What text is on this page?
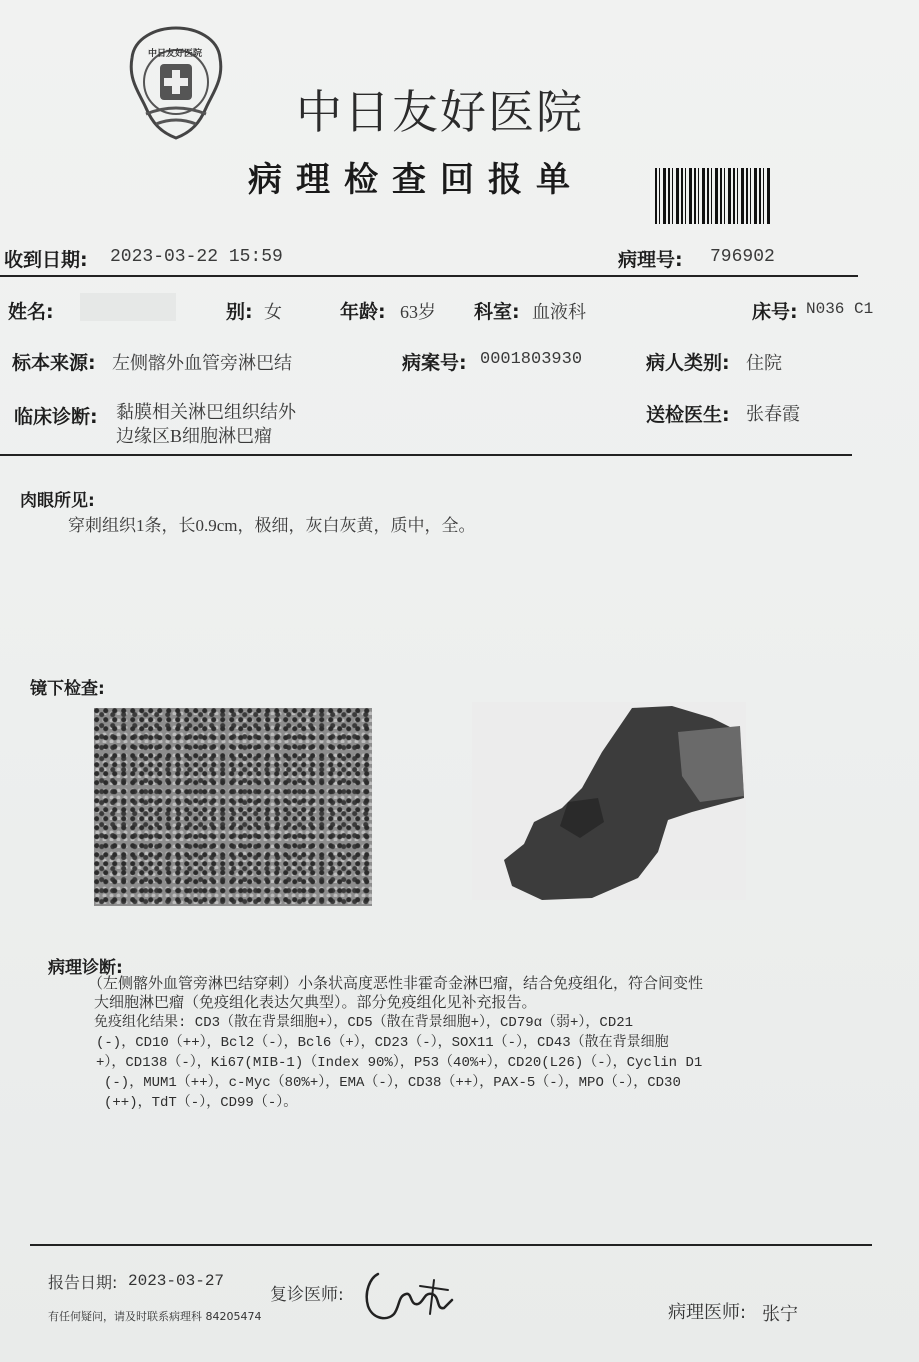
中日友好医院
中日友好医院
病理检查回报单
收到日期: 2023-03-22 15:59	病理号: 796902
姓名:	别: 女	年龄: 63岁 科室: 血液科	床号: N036 C1
标本来源: 左侧髂外血管旁淋巴结	病案号: 0001803930	病人类别: 住院
临床诊断: 黏膜相关淋巴组织结外
边缘区B细胞淋巴瘤
送检医生: 张春霞
肉眼所见:
穿刺组织1条，长0.9cm，极细，灰白灰黄，质中，全。
镜下检查:
病理诊断:
（左侧髂外血管旁淋巴结穿刺）小条状高度恶性非霍奇金淋巴瘤，结合免疫组化，符合间变性
大细胞淋巴瘤（免疫组化表达欠典型）。部分免疫组化见补充报告。
免疫组化结果: CD3（散在背景细胞+），CD5（散在背景细胞+），CD79α（弱+），CD21
(-)，CD10（++），Bcl2（-），Bcl6（+），CD23（-），SOX11（-），CD43（散在背景细胞
+），CD138（-），Ki67(MIB-1)（Index 90%），P53（40%+），CD20(L26)（-），Cyclin D1
(-)，MUM1（++），c-Myc（80%+），EMA（-），CD38（++），PAX-5（-），MPO（-），CD30
(++)，TdT（-），CD99（-）。
报告日期: 2023-03-27
复诊医师:
有任何疑问，请及时联系病理科 84205474	病理医师: 张宁
